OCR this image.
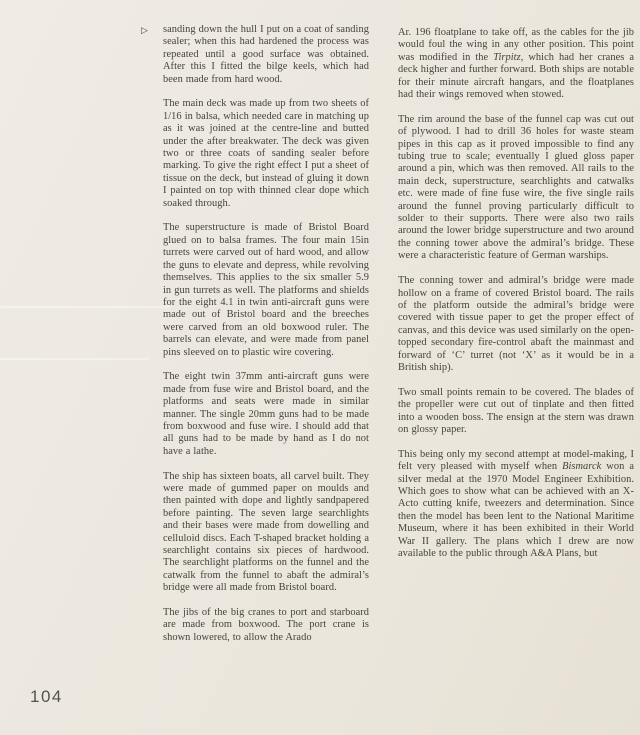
▷ sanding down the hull I put on a coat of sanding sealer; when this had hardened the process was repeated until a good surface was obtained. After this I fitted the bilge keels, which had been made from hard wood.

The main deck was made up from two sheets of 1/16 in balsa, which needed care in matching up as it was joined at the centre-line and butted under the after breakwater. The deck was given two or three coats of sanding sealer before marking. To give the right effect I put a sheet of tissue on the deck, but instead of gluing it down I painted on top with thinned clear dope which soaked through.

The superstructure is made of Bristol Board glued on to balsa frames. The four main 15in turrets were carved out of hard wood, and allow the guns to elevate and depress, while revolving themselves. This applies to the six smaller 5.9 in gun turrets as well. The platforms and shields for the eight 4.1 in twin anti-aircraft guns were made out of Bristol board and the breeches were carved from an old boxwood ruler. The barrels can elevate, and were made from panel pins sleeved on to plastic wire covering.

The eight twin 37mm anti-aircraft guns were made from fuse wire and Bristol board, and the platforms and seats were made in similar manner. The single 20mm guns had to be made from boxwood and fuse wire. I should add that all guns had to be made by hand as I do not have a lathe.

The ship has sixteen boats, all carvel built. They were made of gummed paper on moulds and then painted with dope and lightly sandpapered before painting. The seven large searchlights and their bases were made from dowelling and celluloid discs. Each T-shaped bracket holding a searchlight contains six pieces of hardwood. The searchlight platforms on the funnel and the catwalk from the funnel to abaft the admiral’s bridge were all made from Bristol board.

The jibs of the big cranes to port and starboard are made from boxwood. The port crane is shown lowered, to allow the Arado

Ar. 196 floatplane to take off, as the cables for the jib would foul the wing in any other position. This point was modified in the Tirpitz, which had her cranes a deck higher and further forward. Both ships are notable for their minute aircraft hangars, and the floatplanes had their wings removed when stowed.

The rim around the base of the funnel cap was cut out of plywood. I had to drill 36 holes for waste steam pipes in this cap as it proved impossible to find any tubing true to scale; eventually I glued gloss paper around a pin, which was then removed. All rails to the main deck, superstructure, searchlights and catwalks etc. were made of fine fuse wire, the five single rails around the funnel proving particularly difficult to solder to their supports. There were also two rails around the lower bridge superstructure and two around the conning tower above the admiral’s bridge. These were a characteristic feature of German warships.

The conning tower and admiral’s bridge were made hollow on a frame of covered Bristol board. The rails of the platform outside the admiral’s bridge were covered with tissue paper to get the proper effect of canvas, and this device was used similarly on the open-topped secondary fire-control abaft the mainmast and forward of ‘C’ turret (not ‘X’ as it would be in a British ship).

Two small points remain to be covered. The blades of the propeller were cut out of tinplate and then fitted into a wooden boss. The ensign at the stern was drawn on glossy paper.

This being only my second attempt at model-making, I felt very pleased with myself when Bismarck won a silver medal at the 1970 Model Engineer Exhibition. Which goes to show what can be achieved with an X-Acto cutting knife, tweezers and determination. Since then the model has been lent to the National Maritime Museum, where it has been exhibited in their World War II gallery. The plans which I drew are now available to the public through A&A Plans, but

104
